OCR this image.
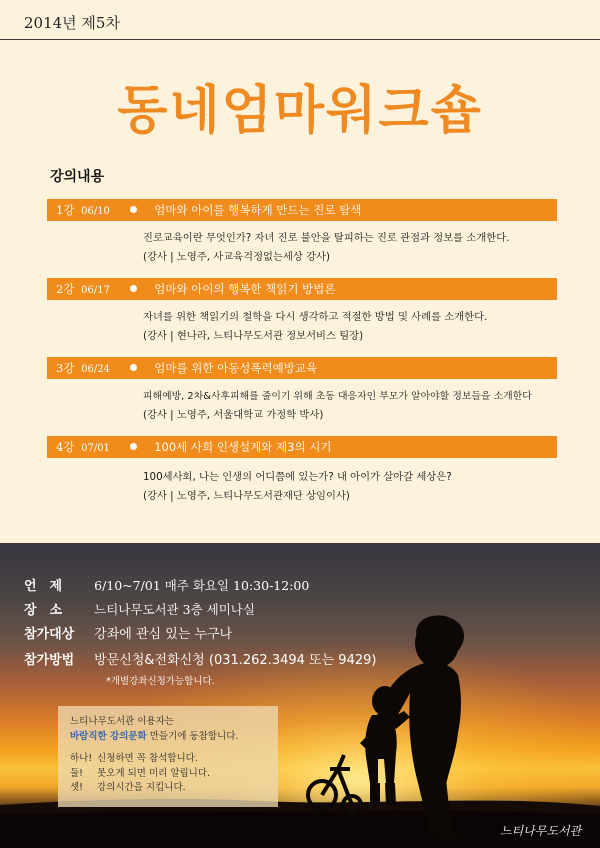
2014년 제5차
동네엄마워크숍
강의내용
1강 06/10	엄마와 아이를 행복하게 만드는 진로 탐색
진로교육이란 무엇인가? 자녀 진로 불안을 탈피하는 진로 관점과 정보를 소개한다.
(강사 | 노영주, 사교육걱정없는세상 강사)
2강 06/17	엄마와 아이의 행복한 책읽기 방법론
자녀를 위한 책읽기의 철학을 다시 생각하고 적절한 방법 및 사례를 소개한다.
(강사 | 현나라, 느티나무도서관 정보서비스 팀장)
3강 06/24	엄마를 위한 아동성폭력예방교육
피해예방, 2차&사후피해를 줄이기 위해 초동 대응자인 부모가 알아야할 정보들을 소개한다
(강사 | 노영주, 서울대학교 가정학 박사)
4강 07/01	100세 사회 인생설계와 제3의 시기
100세사회, 나는 인생의 어디쯤에 있는가? 내 아이가 살아갈 세상은?
(강사 | 노영주, 느티나무도서관재단 상임이사)
언　제	6/10~7/01 매주 화요일 10:30-12:00
장　소	느티나무도서관 3층 세미나실
참가대상 강좌에 관심 있는 누구나
참가방법 방문신청&전화신청 (031.262.3494 또는 9429)
*개별강좌신청가능합니다.
느티나무도서관 이용자는
바람직한 강의문화 만들기에 동참합니다.
하나! 신청하면 꼭 참석합니다.
둘! 못오게 되면 미리 알립니다.
셋! 강의시간을 지킵니다.
느티나무도서관
